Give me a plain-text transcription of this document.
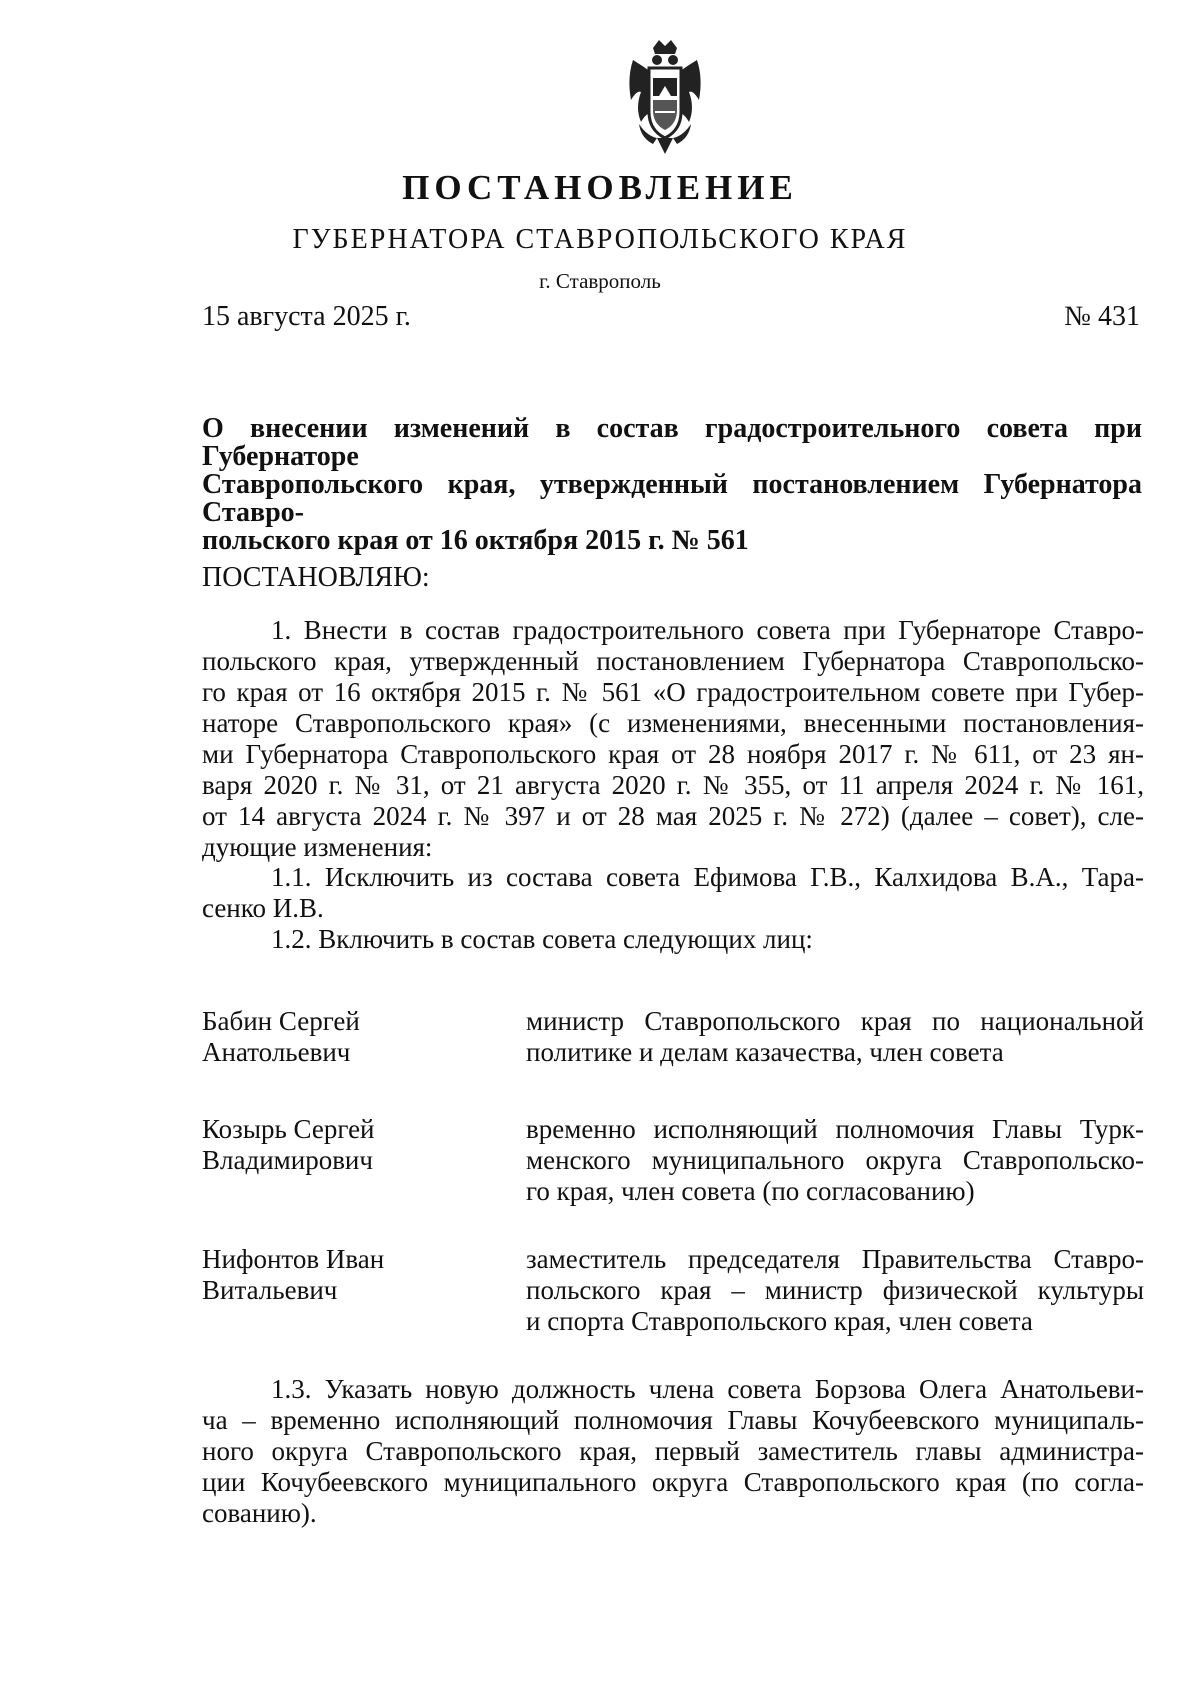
ПОСТАНОВЛЕНИЕ
ГУБЕРНАТОРА СТАВРОПОЛЬСКОГО КРАЯ
г. Ставрополь
15 августа 2025 г.	№ 431
О внесении изменений в состав градостроительного совета при Губернаторе
Ставропольского края, утвержденный постановлением Губернатора Ставро-
польского края от 16 октября 2015 г. № 561
ПОСТАНОВЛЯЮ:
1. Внести в состав градостроительного совета при Губернаторе Ставро-
польского края, утвержденный постановлением Губернатора Ставропольско-
го края от 16 октября 2015 г. № 561 «О градостроительном совете при Губер-
наторе Ставропольского края» (с изменениями, внесенными постановления-
ми Губернатора Ставропольского края от 28 ноября 2017 г. № 611, от 23 ян-
варя 2020 г. № 31, от 21 августа 2020 г. № 355, от 11 апреля 2024 г. № 161,
от 14 августа 2024 г. № 397 и от 28 мая 2025 г. № 272) (далее – совет), сле-
дующие изменения:
1.1. Исключить из состава совета Ефимова Г.В., Калхидова В.А., Тара-
сенко И.В.
1.2. Включить в состав совета следующих лиц:
Бабин Сергей
Анатольевич
министр Ставропольского края по национальной
политике и делам казачества, член совета
Козырь Сергей
Владимирович
временно исполняющий полномочия Главы Турк-
менского муниципального округа Ставропольско-
го края, член совета (по согласованию)
Нифонтов Иван
Витальевич
заместитель председателя Правительства Ставро-
польского края – министр физической культуры
и спорта Ставропольского края, член совета
1.3. Указать новую должность члена совета Борзова Олега Анатольеви-
ча – временно исполняющий полномочия Главы Кочубеевского муниципаль-
ного округа Ставропольского края, первый заместитель главы администра-
ции Кочубеевского муниципального округа Ставропольского края (по согла-
сованию).
